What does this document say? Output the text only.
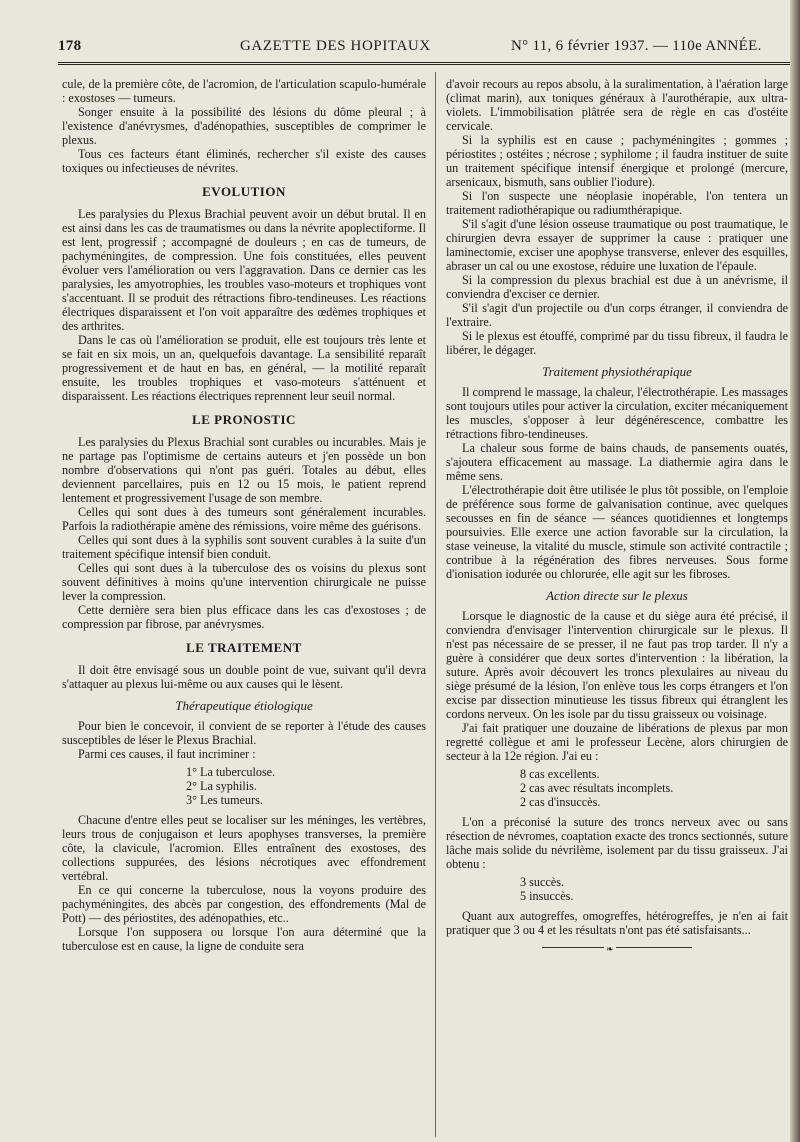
178	GAZETTE DES HOPITAUX	N° 11, 6 février 1937. — 110e ANNÉE.

cule, de la première côte, de l'acromion, de l'articulation scapulo-humérale : exostoses — tumeurs.

Songer ensuite à la possibilité des lésions du dôme pleural ; à l'existence d'anévrysmes, d'adénopathies, susceptibles de comprimer le plexus.

Tous ces facteurs étant éliminés, rechercher s'il existe des causes toxiques ou infectieuses de névrites.

EVOLUTION

Les paralysies du Plexus Brachial peuvent avoir un début brutal. Il en est ainsi dans les cas de traumatismes ou dans la névrite apoplectiforme. Il est lent, progressif ; accompagné de douleurs ; en cas de tumeurs, de pachyméningites, de compression. Une fois constituées, elles peuvent évoluer vers l'amélioration ou vers l'aggravation. Dans ce dernier cas les paralysies, les amyotrophies, les troubles vaso-moteurs et trophiques vont s'accentuant. Il se produit des rétractions fibro-tendineuses. Les réactions électriques disparaissent et l'on voit apparaître des œdèmes trophiques et des arthrites.

Dans le cas où l'amélioration se produit, elle est toujours très lente et se fait en six mois, un an, quelquefois davantage. La sensibilité reparaît progressivement et de haut en bas, en général, — la motilité reparaît ensuite, les troubles trophiques et vaso-moteurs s'atténuent et disparaissent. Les réactions électriques reprennent leur seuil normal.

LE PRONOSTIC

Les paralysies du Plexus Brachial sont curables ou incurables. Mais je ne partage pas l'optimisme de certains auteurs et j'en possède un bon nombre d'observations qui n'ont pas guéri. Totales au début, elles deviennent parcellaires, puis en 12 ou 15 mois, le patient reprend lentement et progressivement l'usage de son membre.

Celles qui sont dues à des tumeurs sont généralement incurables. Parfois la radiothérapie amène des rémissions, voire même des guérisons.

Celles qui sont dues à la syphilis sont souvent curables à la suite d'un traitement spécifique intensif bien conduit.

Celles qui sont dues à la tuberculose des os voisins du plexus sont souvent définitives à moins qu'une intervention chirurgicale ne puisse lever la compression.

Cette dernière sera bien plus efficace dans les cas d'exostoses ; de compression par fibrose, par anévrysmes.

LE TRAITEMENT

Il doit être envisagé sous un double point de vue, suivant qu'il devra s'attaquer au plexus lui-même ou aux causes qui le lèsent.

Thérapeutique étiologique

Pour bien le concevoir, il convient de se reporter à l'étude des causes susceptibles de léser le Plexus Brachial.

Parmi ces causes, il faut incriminer :

1° La tuberculose.
2° La syphilis.
3° Les tumeurs.

Chacune d'entre elles peut se localiser sur les méninges, les vertèbres, leurs trous de conjugaison et leurs apophyses transverses, la première côte, la clavicule, l'acromion. Elles entraînent des exostoses, des collections suppurées, des lésions nécrotiques avec effondrement vertébral.

En ce qui concerne la tuberculose, nous la voyons produire des pachyméningites, des abcès par congestion, des effondrements (Mal de Pott) — des périostites, des adénopathies, etc..

Lorsque l'on supposera ou lorsque l'on aura déterminé que la tuberculose est en cause, la ligne de conduite sera

d'avoir recours au repos absolu, à la suralimentation, à l'aération large (climat marin), aux toniques généraux à l'aurothérapie, aux ultra-violets. L'immobilisation plâtrée sera de règle en cas d'ostéite cervicale.

Si la syphilis est en cause ; pachyméningites ; gommes ; périostites ; ostéites ; nécrose ; syphilome ; il faudra instituer de suite un traitement spécifique intensif énergique et prolongé (mercure, arsenicaux, bismuth, sans oublier l'iodure).

Si l'on suspecte une néoplasie inopérable, l'on tentera un traitement radiothérapique ou radiumthérapique.

S'il s'agit d'une lésion osseuse traumatique ou post traumatique, le chirurgien devra essayer de supprimer la cause : pratiquer une laminectomie, exciser une apophyse transverse, enlever des esquilles, abraser un cal ou une exostose, réduire une luxation de l'épaule.

Si la compression du plexus brachial est due à un anévrisme, il conviendra d'exciser ce dernier.

S'il s'agit d'un projectile ou d'un corps étranger, il conviendra de l'extraire.

Si le plexus est étouffé, comprimé par du tissu fibreux, il faudra le libérer, le dégager.

Traitement physiothérapique

Il comprend le massage, la chaleur, l'électrothérapie. Les massages sont toujours utiles pour activer la circulation, exciter mécaniquement les muscles, s'opposer à leur dégénérescence, combattre les rétractions fibro-tendineuses.

La chaleur sous forme de bains chauds, de pansements ouatés, s'ajoutera efficacement au massage. La diathermie agira dans le même sens.

L'électrothérapie doit être utilisée le plus tôt possible, on l'emploie de préférence sous forme de galvanisation continue, avec quelques secousses en fin de séance — séances quotidiennes et longtemps poursuivies. Elle exerce une action favorable sur la circulation, la stase veineuse, la vitalité du muscle, stimule son activité contractile ; contribue à la régénération des fibres nerveuses. Sous forme d'ionisation iodurée ou chlorurée, elle agit sur les fibroses.

Action directe sur le plexus

Lorsque le diagnostic de la cause et du siège aura été précisé, il conviendra d'envisager l'intervention chirurgicale sur le plexus. Il n'est pas nécessaire de se presser, il ne faut pas trop tarder. Il n'y a guère à considérer que deux sortes d'intervention : la libération, la suture. Après avoir découvert les troncs plexulaires au niveau du siège présumé de la lésion, l'on enlève tous les corps étrangers et l'on excise par dissection minutieuse les tissus fibreux qui étranglent les cordons nerveux. On les isole par du tissu graisseux ou voisinage.

J'ai fait pratiquer une douzaine de libérations de plexus par mon regretté collègue et ami le professeur Lecène, alors chirurgien de secteur à la 12e région. J'ai eu :

8 cas excellents.
2 cas avec résultats incomplets.
2 cas d'insuccès.

L'on a préconisé la suture des troncs nerveux avec ou sans résection de névromes, coaptation exacte des troncs sectionnés, suture lâche mais solide du névrilème, isolement par du tissu graisseux. J'ai obtenu :

3 succès.
5 insuccès.

Quant aux autogreffes, omogreffes, hétérogreffes, je n'en ai fait pratiquer que 3 ou 4 et les résultats n'ont pas été satisfaisants...

❧
